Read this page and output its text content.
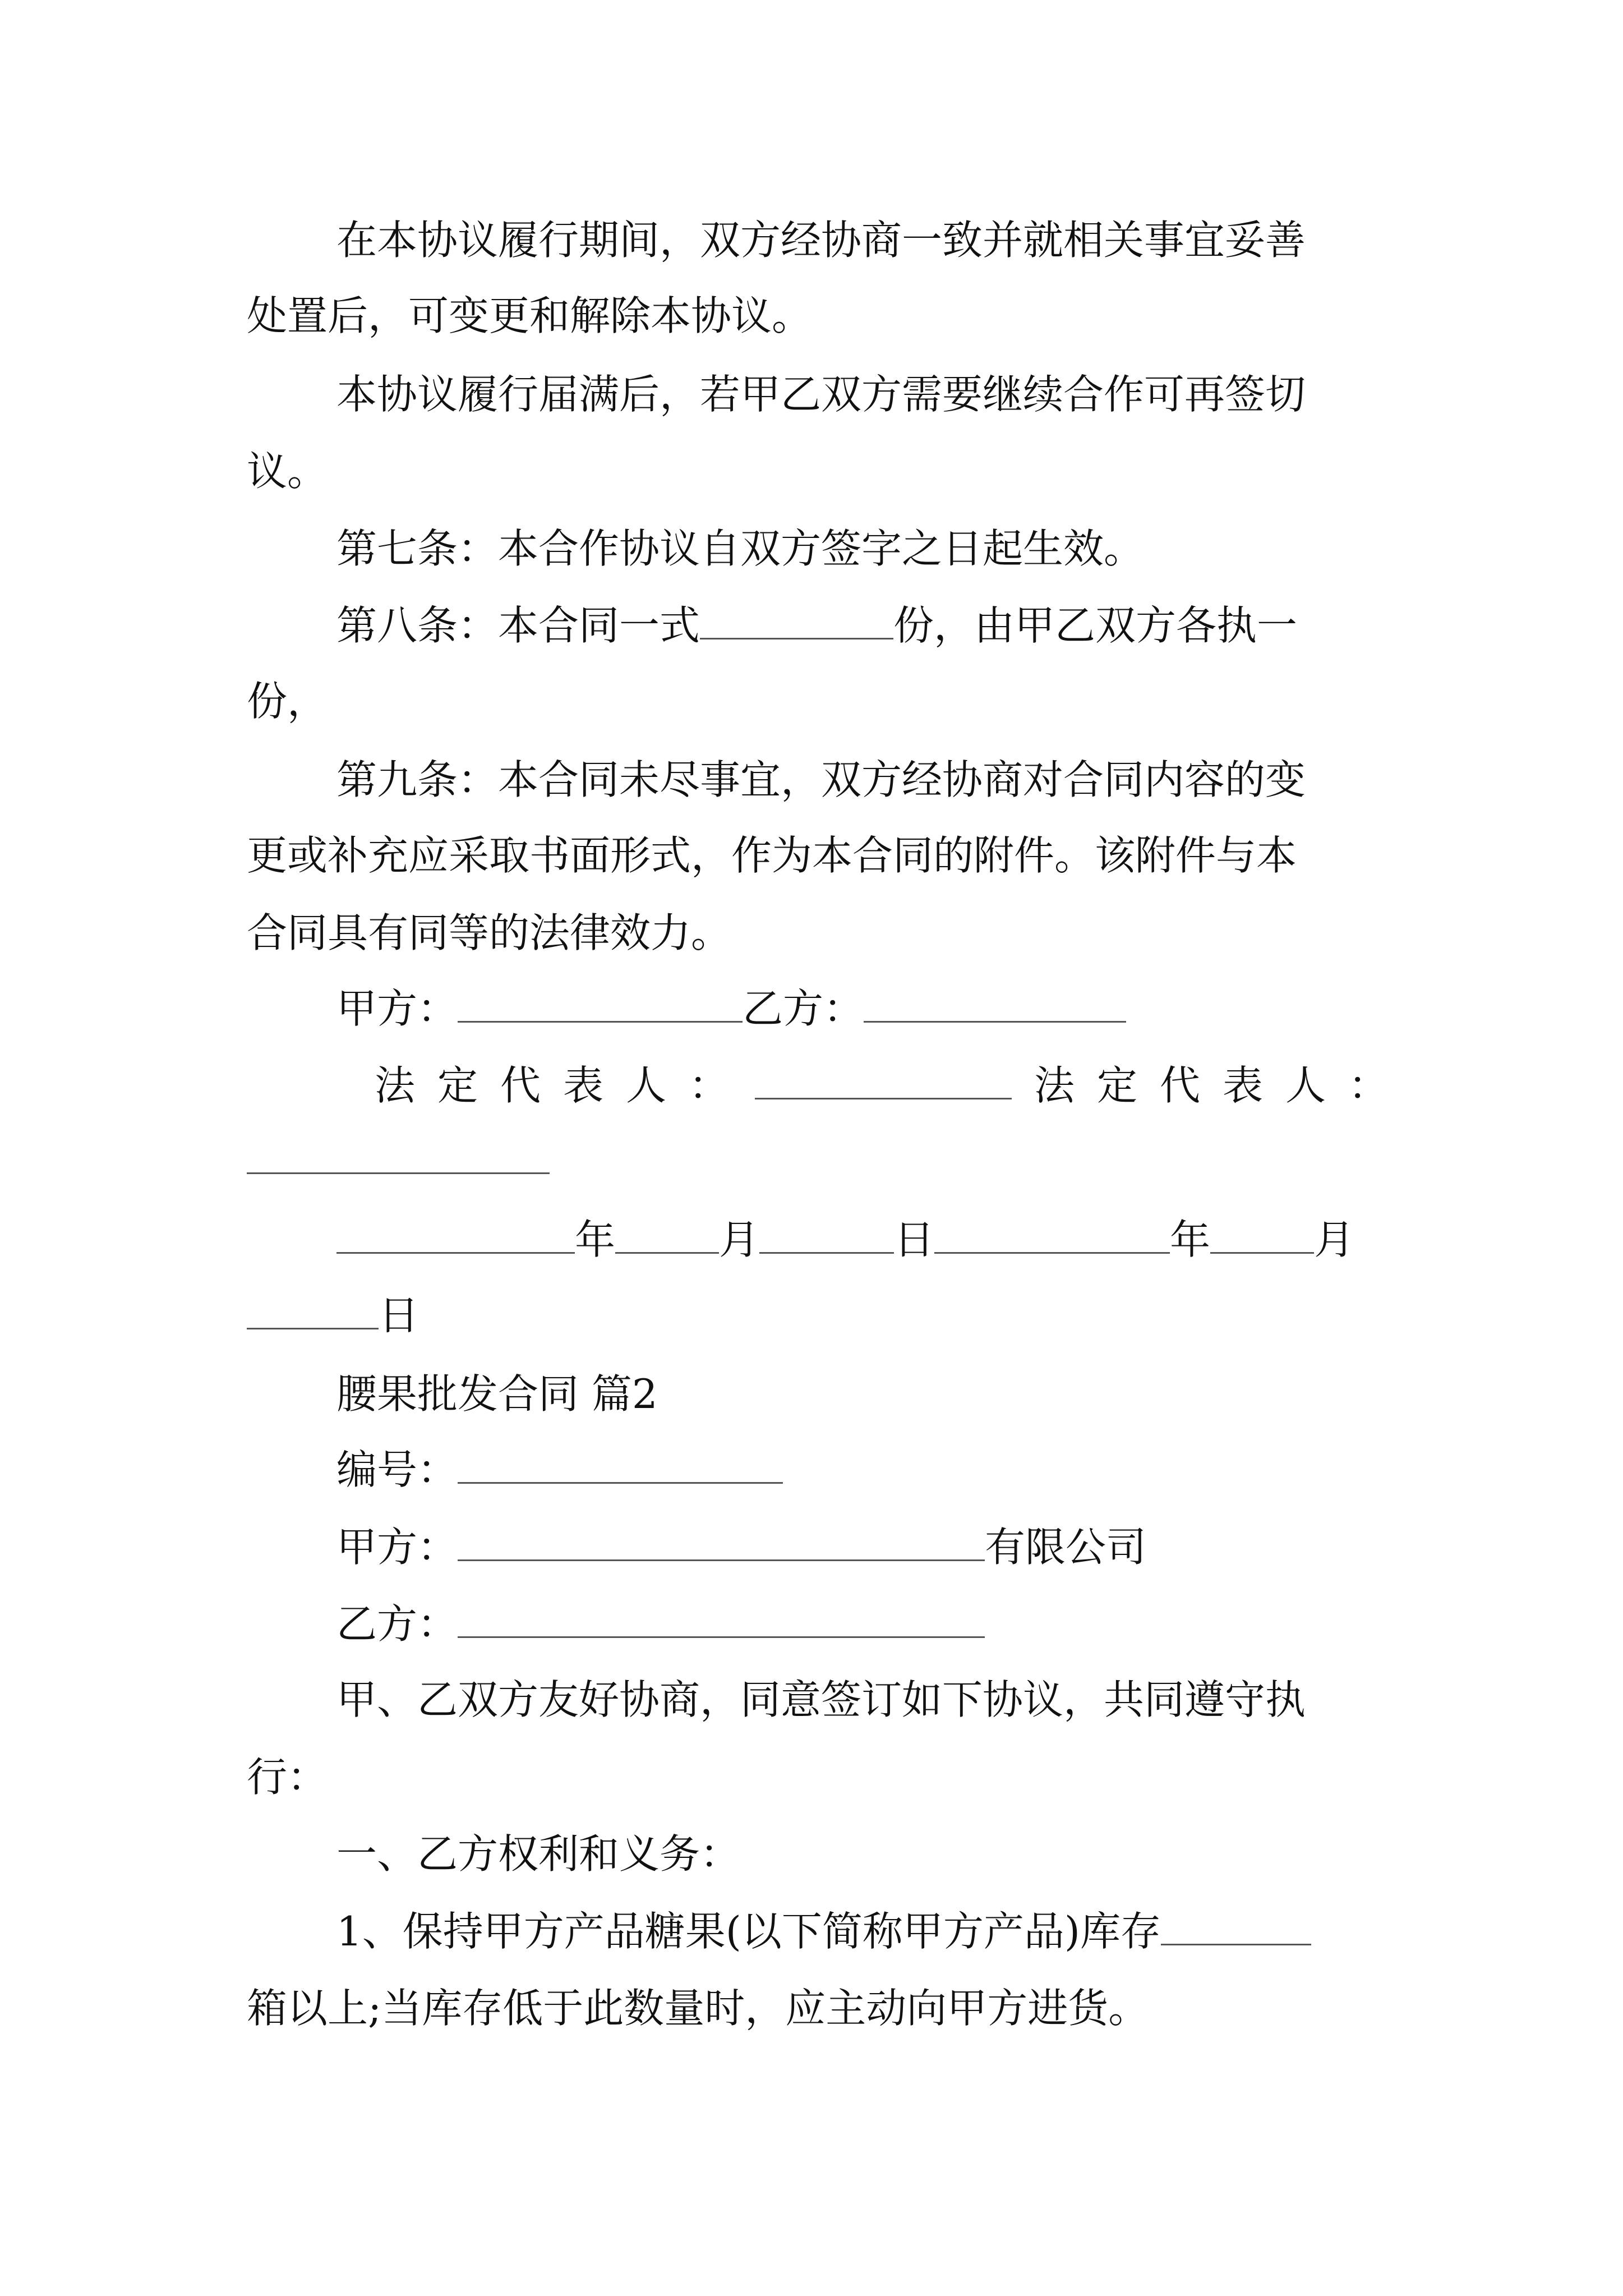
在本协议履行期间，双方经协商一致并就相关事宜妥善
处置后，可变更和解除本协议。
本协议履行届满后，若甲乙双方需要继续合作可再签切
议。
第七条：本合作协议自双方签字之日起生效。
第八条：本合同一式	份，由甲乙双方各执一
份，
第九条：本合同未尽事宜，双方经协商对合同内容的变
更或补充应采取书面形式，作为本合同的附件。该附件与本
合同具有同等的法律效力。
甲方：	乙方：
法定代表人：	法定代表人：
年	月	日	年	月
日
腰果批发合同 篇2
编号：
甲方：	有限公司
乙方：
甲、乙双方友好协商，同意签订如下协议，共同遵守执
行：
一、乙方权利和义务：
1、保持甲方产品糖果(以下简称甲方产品)库存
箱以上;当库存低于此数量时，应主动向甲方进货。
